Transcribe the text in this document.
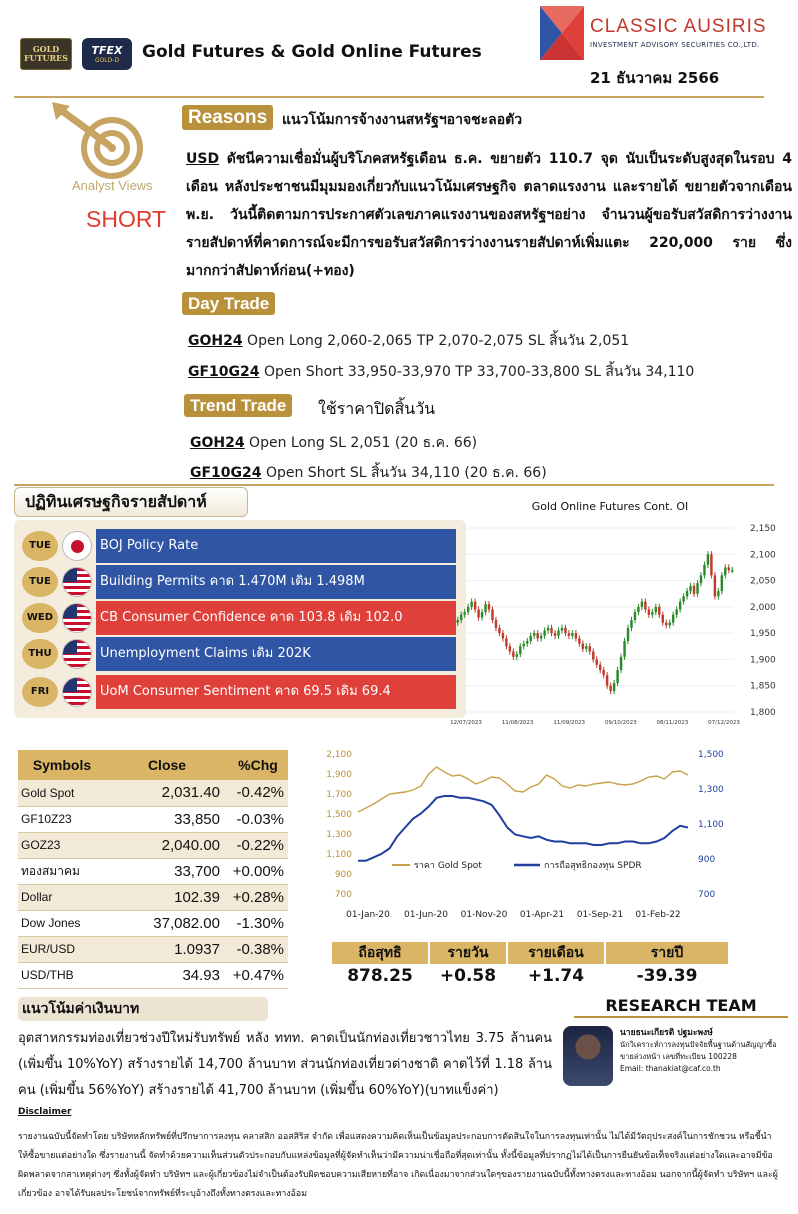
GOLD FUTURES
TFEX
GOLD-D Gold Futures & Gold Online Futures
CLASSIC AUSIRIS
INVESTMENT ADVISORY SECURITIES CO.,LTD.
21 ธันวาคม 2566
Analyst Views
SHORT
Reasons	แนวโน้มการจ้างงานสหรัฐฯอาจชะลอตัว
USD ดัชนีความเชื่อมั่นผู้บริโภคสหรัฐเดือน ธ.ค. ขยายตัว 110.7 จุด นับเป็นระดับสูงสุดในรอบ 4 เดือน หลังประชาชนมีมุมมองเกี่ยวกับแนวโน้มเศรษฐกิจ ตลาดแรงงาน และรายได้ ขยายตัวจากเดือน พ.ย. วันนี้ติดตามการประกาศตัวเลขภาคแรงงานของสหรัฐฯอย่าง จำนวนผู้ขอรับสวัสดิการว่างงานรายสัปดาห์ที่คาดการณ์จะมีการขอรับสวัสดิการว่างงานรายสัปดาห์เพิ่มแตะ 220,000 ราย ซึ่งมากกว่าสัปดาห์ก่อน(+ทอง)
Day Trade
GOH24 Open Long 2,060-2,065 TP 2,070-2,075 SL สิ้นวัน 2,051
GF10G24 Open Short 33,950-33,970 TP 33,700-33,800 SL สิ้นวัน 34,110
Trend Trade	ใช้ราคาปิดสิ้นวัน
GOH24 Open Long SL 2,051 (20 ธ.ค. 66)
GF10G24 Open Short SL สิ้นวัน 34,110 (20 ธ.ค. 66)
ปฏิทินเศรษฐกิจรายสัปดาห์
TUE	BOJ Policy Rate
TUE	Building Permits คาด 1.470M เดิม 1.498M
WED	CB Consumer Confidence คาด 103.8 เดิม 102.0
THU	Unemployment Claims เดิม 202K
FRI	UoM Consumer Sentiment คาด 69.5 เดิม 69.4
Gold Online Futures Cont. OI
2,150
2,100
2,050
2,000
1,950
1,900
1,850
1,800
12/07/2023	11/08/2023	11/09/2023	09/10/2023	08/11/2023	07/12/2023
Symbols	Close	%Chg
Gold Spot	2,031.40	-0.42%
GF10Z23	33,850	-0.03%
GOZ23	2,040.00	-0.22%
ทองสมาคม	33,700	+0.00%
Dollar	102.39	+0.28%
Dow Jones	37,082.00	-1.30%
EUR/USD	1.0937	-0.38%
USD/THB	34.93	+0.47%
2,100
1,900
1,700
1,500
1,300
1,100
900
700
1,500
1,300
1,100
900
700
01-Jan-20 01-Jun-20 01-Nov-20 01-Apr-21 01-Sep-21 01-Feb-22
ราคา Gold Spot	การถือสุทธิกองทุน SPDR
ถือสุทธิ	รายวัน	รายเดือน	รายปี
878.25	+0.58	+1.74	-39.39
แนวโน้มค่าเงินบาท
อุตสาหกรรมท่องเที่ยวช่วงปีใหม่รับทรัพย์ หลัง ททท. คาดเป็นนักท่องเที่ยวชาวไทย 3.75 ล้านคน (เพิ่มขึ้น 10%YoY) สร้างรายได้ 14,700 ล้านบาท ส่วนนักท่องเที่ยวต่างชาติ คาดไว้ที่ 1.18 ล้านคน (เพิ่มขึ้น 56%YoY) สร้างรายได้ 41,700 ล้านบาท (เพิ่มขึ้น 60%YoY)(บาทแข็งค่า)
RESEARCH TEAM
นายธนะเกียรติ ปฐมะพงษ์
นักวิเคราะห์การลงทุนปัจจัยพื้นฐานด้านสัญญาซื้อขายล่วงหน้า เลขที่ทะเบียน 100228
Email: thanakiat@caf.co.th
Disclaimer
รายงานฉบับนี้จัดทำโดย บริษัทหลักทรัพย์ที่ปรึกษาการลงทุน คลาสสิก ออสสิริส จำกัด เพื่อแสดงความคิดเห็นเป็นข้อมูลประกอบการตัดสินใจในการลงทุนเท่านั้น ไม่ได้มีวัตถุประสงค์ในการชักชวน หรือชี้นำให้ซื้อขายแต่อย่างใด ซึ่งรายงานนี้ จัดทำด้วยความเห็นส่วนตัวประกอบกับแหล่งข้อมูลที่ผู้จัดทำเห็นว่ามีความน่าเชื่อถือที่สุดเท่านั้น ทั้งนี้ข้อมูลที่ปรากฏไม่ได้เป็นการยืนยันข้อเท็จจริงแต่อย่างใดและอาจมีข้อผิดพลาดจากสาเหตุต่างๆ ซึ่งทั้งผู้จัดทำ บริษัทฯ และผู้เกี่ยวข้องไม่จำเป็นต้องรับผิดชอบความเสียหายที่อาจ เกิดเนื่องมาจากส่วนใดๆของรายงานฉบับนี้ทั้งทางตรงและทางอ้อม นอกจากนี้ผู้จัดทำ บริษัทฯ และผู้เกี่ยวข้อง อาจได้รับผลประโยชน์จากทรัพย์ที่ระบุอ้างถึงทั้งทางตรงและทางอ้อม
